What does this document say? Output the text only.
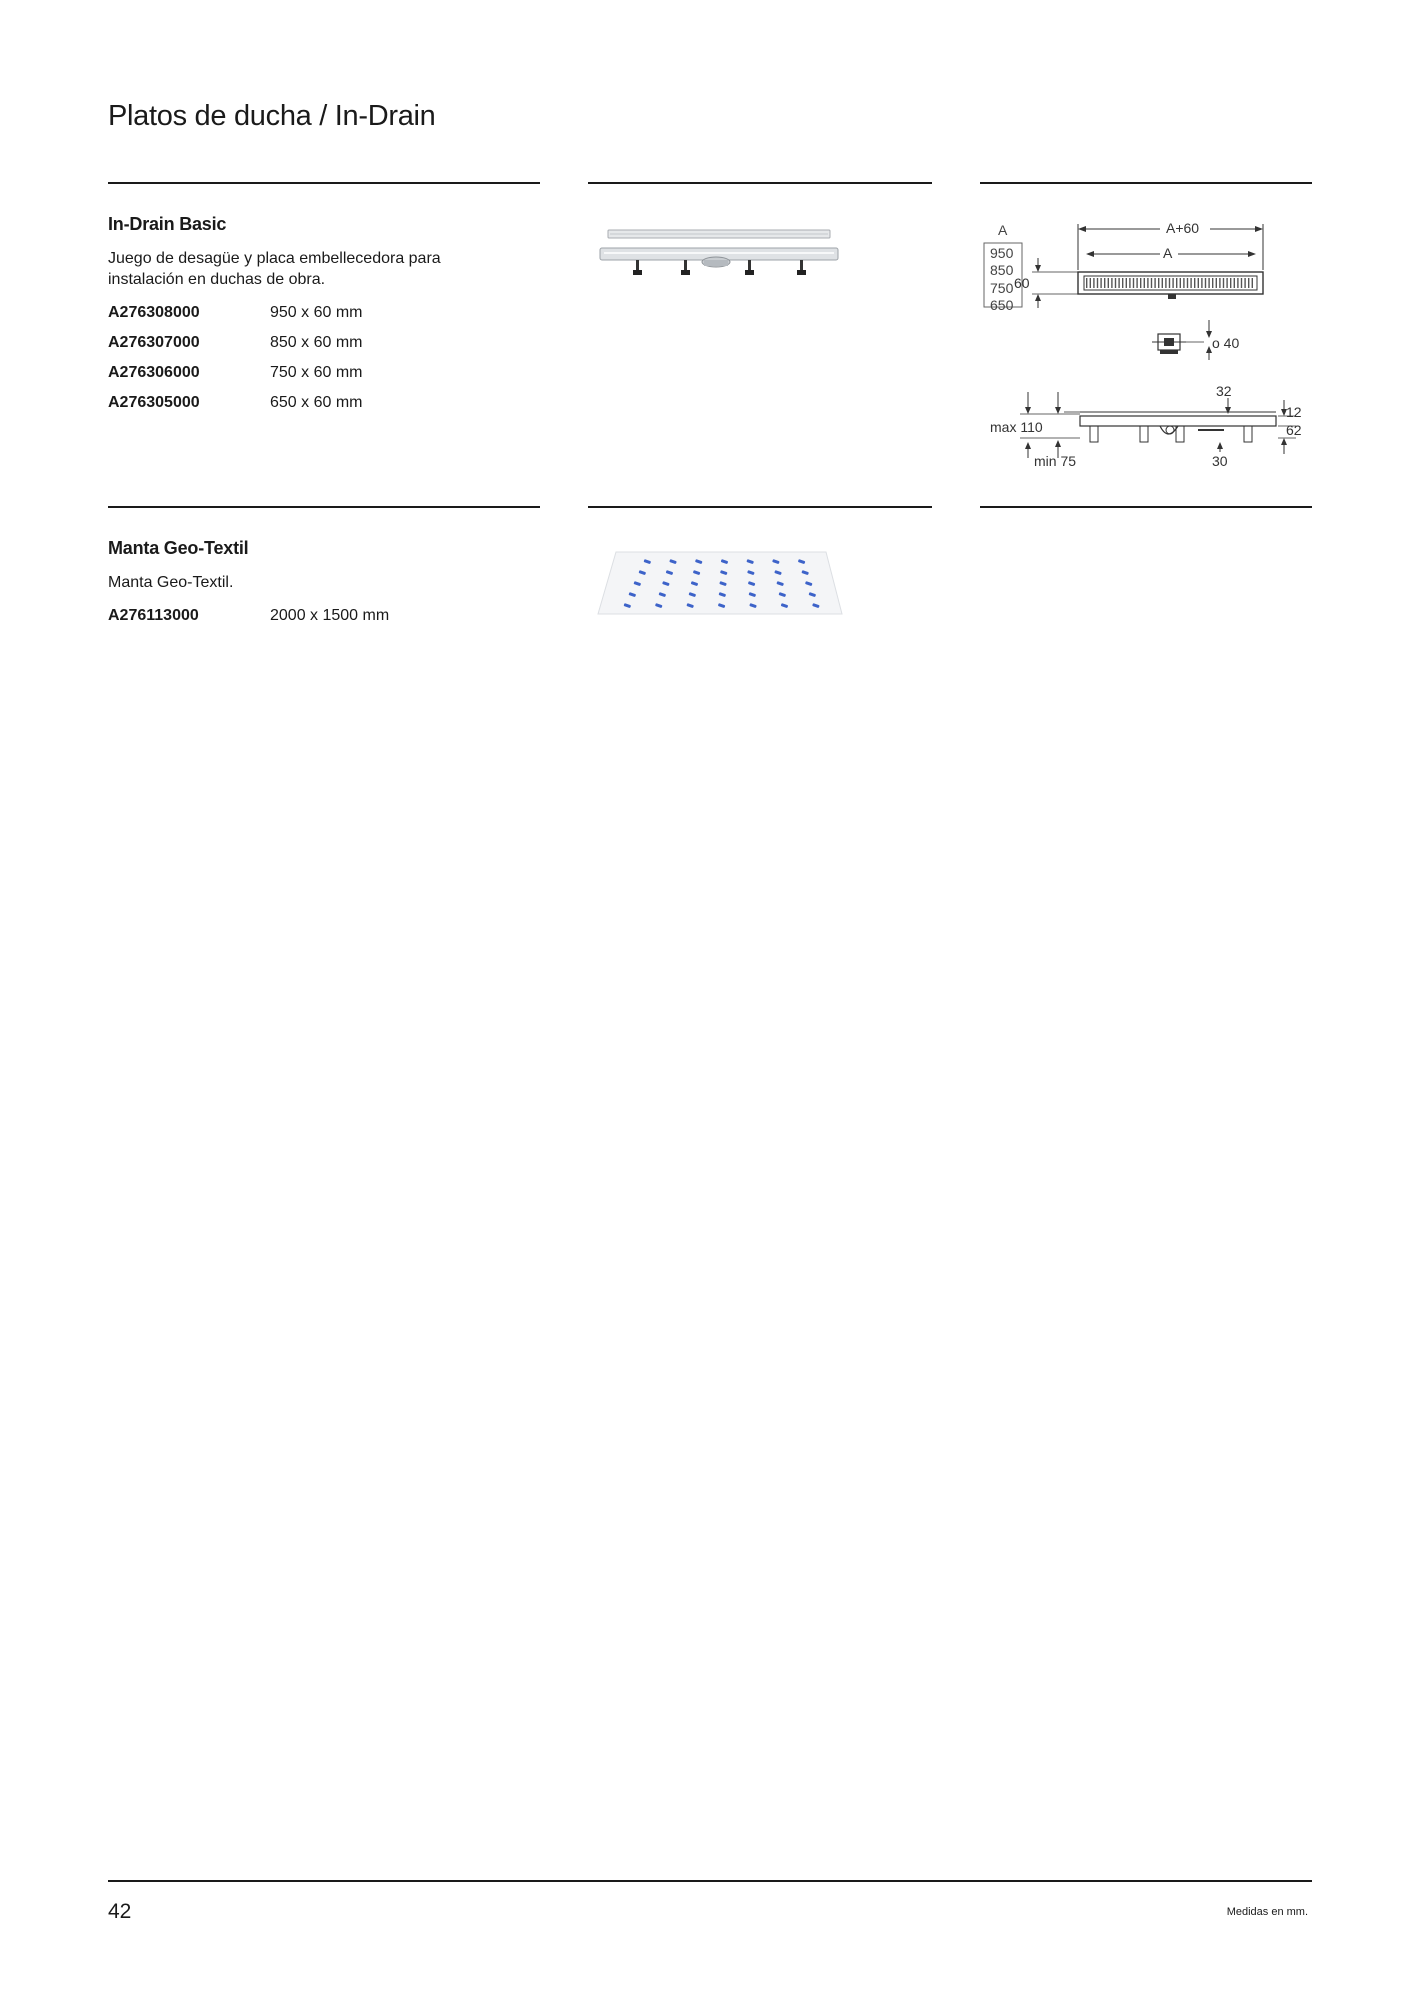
Platos de ducha / In-Drain
In-Drain Basic
Juego de desagüe y placa embellecedora para instalación en duchas de obra.
A276308000	950 x 60 mm
A276307000	850 x 60 mm
A276306000	750 x 60 mm
A276305000	650 x 60 mm
A
950
850
750
650
A+60
A
60
o 40
32
max 110
min 75
12
62
30
Manta Geo-Textil
Manta Geo-Textil.
A276113000	2000 x 1500 mm
42	Medidas en mm.
